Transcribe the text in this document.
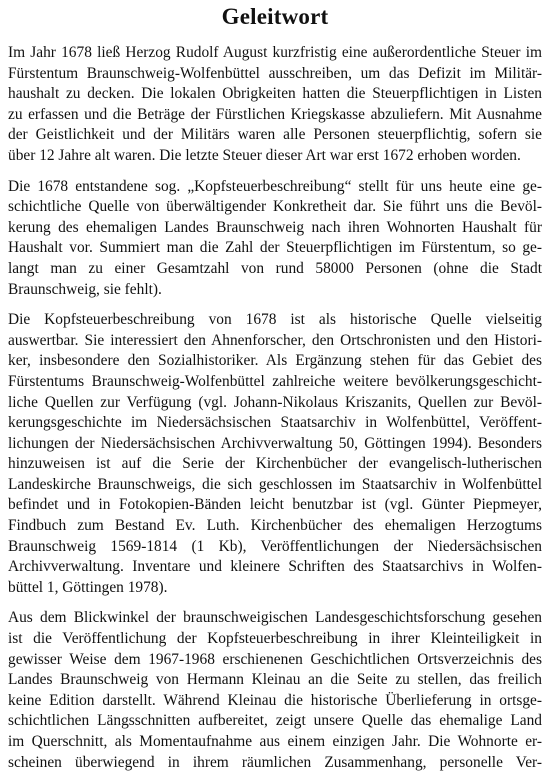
Geleitwort

Im Jahr 1678 ließ Herzog Rudolf August kurzfristig eine außerordentliche Steuer im
Fürstentum Braunschweig-Wolfenbüttel ausschreiben, um das Defizit im Militär-
haushalt zu decken. Die lokalen Obrigkeiten hatten die Steuerpflichtigen in Listen
zu erfassen und die Beträge der Fürstlichen Kriegskasse abzuliefern. Mit Ausnahme
der Geistlichkeit und der Militärs waren alle Personen steuerpflichtig, sofern sie
über 12 Jahre alt waren. Die letzte Steuer dieser Art war erst 1672 erhoben worden.

Die 1678 entstandene sog. „Kopfsteuerbeschreibung“ stellt für uns heute eine ge-
schichtliche Quelle von überwältigender Konkretheit dar. Sie führt uns die Bevöl-
kerung des ehemaligen Landes Braunschweig nach ihren Wohnorten Haushalt für
Haushalt vor. Summiert man die Zahl der Steuerpflichtigen im Fürstentum, so ge-
langt man zu einer Gesamtzahl von rund 58000 Personen (ohne die Stadt
Braunschweig, sie fehlt).

Die Kopfsteuerbeschreibung von 1678 ist als historische Quelle vielseitig
auswertbar. Sie interessiert den Ahnenforscher, den Ortschronisten und den Histori-
ker, insbesondere den Sozialhistoriker. Als Ergänzung stehen für das Gebiet des
Fürstentums Braunschweig-Wolfenbüttel zahlreiche weitere bevölkerungsgeschicht-
liche Quellen zur Verfügung (vgl. Johann-Nikolaus Kriszanits, Quellen zur Bevöl-
kerungsgeschichte im Niedersächsischen Staatsarchiv in Wolfenbüttel, Veröffent-
lichungen der Niedersächsischen Archivverwaltung 50, Göttingen 1994). Besonders
hinzuweisen ist auf die Serie der Kirchenbücher der evangelisch-lutherischen
Landeskirche Braunschweigs, die sich geschlossen im Staatsarchiv in Wolfenbüttel
befindet und in Fotokopien-Bänden leicht benutzbar ist (vgl. Günter Piepmeyer,
Findbuch zum Bestand Ev. Luth. Kirchenbücher des ehemaligen Herzogtums
Braunschweig 1569-1814 (1 Kb), Veröffentlichungen der Niedersächsischen
Archivverwaltung. Inventare und kleinere Schriften des Staatsarchivs in Wolfen-
büttel 1, Göttingen 1978).

Aus dem Blickwinkel der braunschweigischen Landesgeschichtsforschung gesehen
ist die Veröffentlichung der Kopfsteuerbeschreibung in ihrer Kleinteiligkeit in
gewisser Weise dem 1967-1968 erschienenen Geschichtlichen Ortsverzeichnis des
Landes Braunschweig von Hermann Kleinau an die Seite zu stellen, das freilich
keine Edition darstellt. Während Kleinau die historische Überlieferung in ortsge-
schichtlichen Längsschnitten aufbereitet, zeigt unsere Quelle das ehemalige Land
im Querschnitt, als Momentaufnahme aus einem einzigen Jahr. Die Wohnorte er-
scheinen überwiegend in ihrem räumlichen Zusammenhang, personelle Ver-
